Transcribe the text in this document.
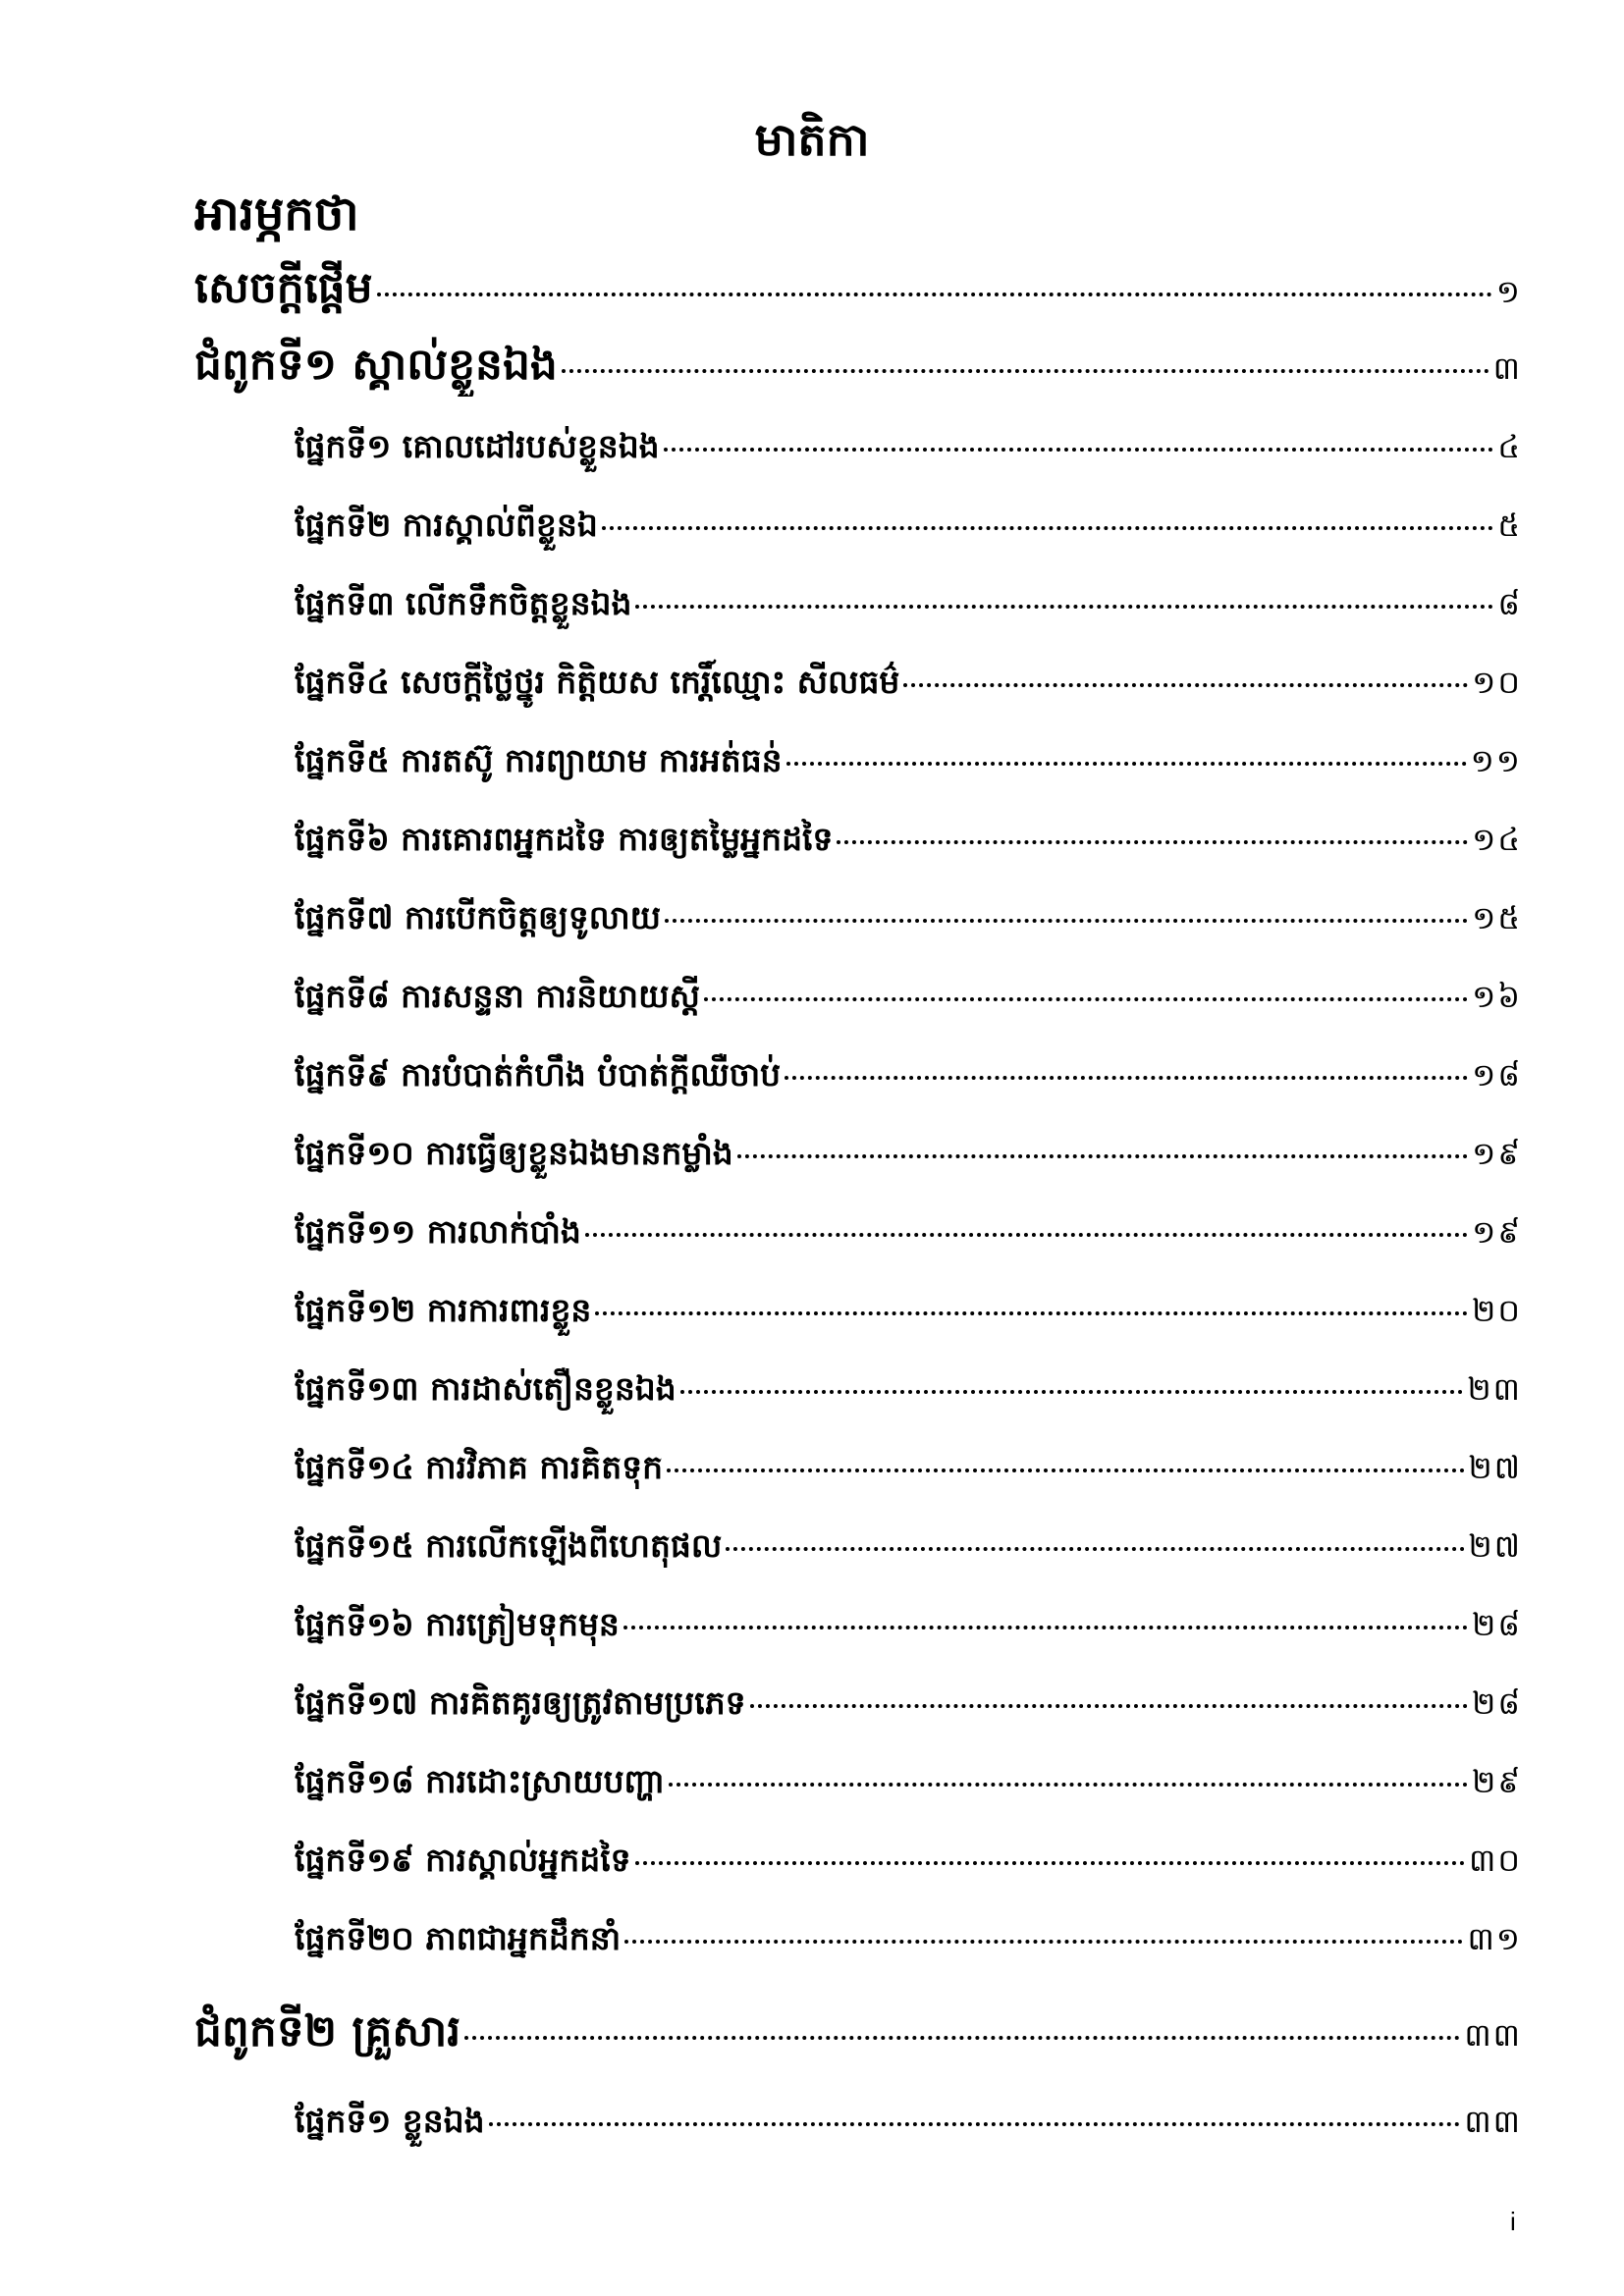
មាតិកា
អារម្ភកថា
សេចក្តីផ្តើម	១
ជំពូកទី១ ស្គាល់ខ្លួនឯង	៣
ផ្នែកទី១ គោលដៅរបស់ខ្លួនឯង	៤
ផ្នែកទី២ ការស្គាល់ពីខ្លួនឯ	៥
ផ្នែកទី៣ លើកទឹកចិត្តខ្លួនឯង	៨
ផ្នែកទី៤ សេចក្តីថ្លៃថ្នូរ កិត្តិយស កេរ្តិ៍ឈ្មោះ សីលធម៌	១០
ផ្នែកទី៥ ការតស៊ូ ការព្យាយាម ការអត់ធន់	១១
ផ្នែកទី៦ ការគោរពអ្នកដទៃ ការឲ្យតម្លៃអ្នកដទៃ	១៤
ផ្នែកទី៧ ការបើកចិត្តឲ្យទូលាយ	១៥
ផ្នែកទី៨ ការសន្ទនា ការនិយាយស្តី	១៦
ផ្នែកទី៩ ការបំបាត់កំហឹង បំបាត់ក្តីឈឺចាប់	១៨
ផ្នែកទី១០ ការធ្វើឲ្យខ្លួនឯងមានកម្លាំង	១៩
ផ្នែកទី១១ ការលាក់បាំង	១៩
ផ្នែកទី១២ ការការពារខ្លួន	២០
ផ្នែកទី១៣ ការដាស់តឿនខ្លួនឯង	២៣
ផ្នែកទី១៤ ការវិភាគ ការគិតទុក	២៧
ផ្នែកទី១៥ ការលើកឡើងពីហេតុផល	២៧
ផ្នែកទី១៦ ការត្រៀមទុកមុន	២៨
ផ្នែកទី១៧ ការគិតគូរឲ្យត្រូវតាមប្រភេទ	២៨
ផ្នែកទី១៨ ការដោះស្រាយបញ្ហា	២៩
ផ្នែកទី១៩ ការស្គាល់អ្នកដទៃ	៣០
ផ្នែកទី២០ ភាពជាអ្នកដឹកនាំ	៣១
ជំពូកទី២ គ្រួសារ	៣៣
ផ្នែកទី១ ខ្លួនឯង	៣៣
i
